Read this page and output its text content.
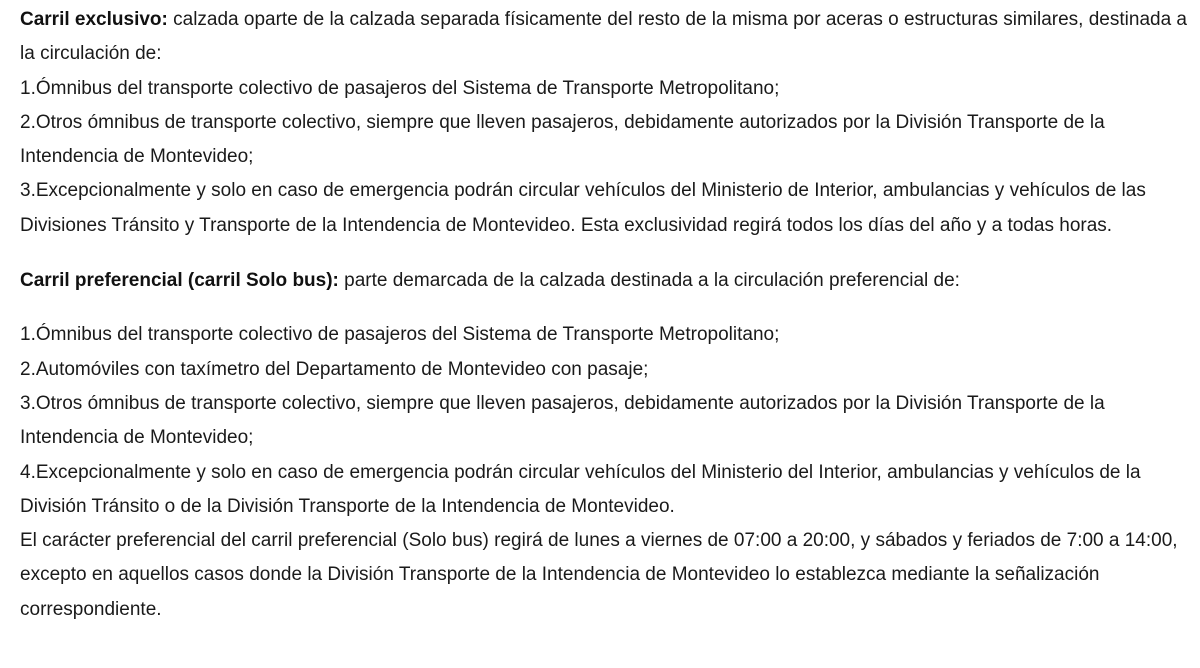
Carril exclusivo: calzada oparte de la calzada separada físicamente del resto de la misma por aceras o estructuras similares, destinada a la circulación de:

1.Ómnibus del transporte colectivo de pasajeros del Sistema de Transporte Metropolitano;

2.Otros ómnibus de transporte colectivo, siempre que lleven pasajeros, debidamente autorizados por la División Transporte de la Intendencia de Montevideo;

3.Excepcionalmente y solo en caso de emergencia podrán circular vehículos del Ministerio de Interior, ambulancias y vehículos de las Divisiones Tránsito y Transporte de la Intendencia de Montevideo. Esta exclusividad regirá todos los días del año y a todas horas.

Carril preferencial (carril Solo bus): parte demarcada de la calzada destinada a la circulación preferencial de:

1.Ómnibus del transporte colectivo de pasajeros del Sistema de Transporte Metropolitano;

2.Automóviles con taxímetro del Departamento de Montevideo con pasaje;

3.Otros ómnibus de transporte colectivo, siempre que lleven pasajeros, debidamente autorizados por la División Transporte de la Intendencia de Montevideo;

4.Excepcionalmente y solo en caso de emergencia podrán circular vehículos del Ministerio del Interior, ambulancias y vehículos de la División Tránsito o de la División Transporte de la Intendencia de Montevideo.

El carácter preferencial del carril preferencial (Solo bus) regirá de lunes a viernes de 07:00 a 20:00, y sábados y feriados de 7:00 a 14:00, excepto en aquellos casos donde la División Transporte de la Intendencia de Montevideo lo establezca mediante la señalización correspondiente.
